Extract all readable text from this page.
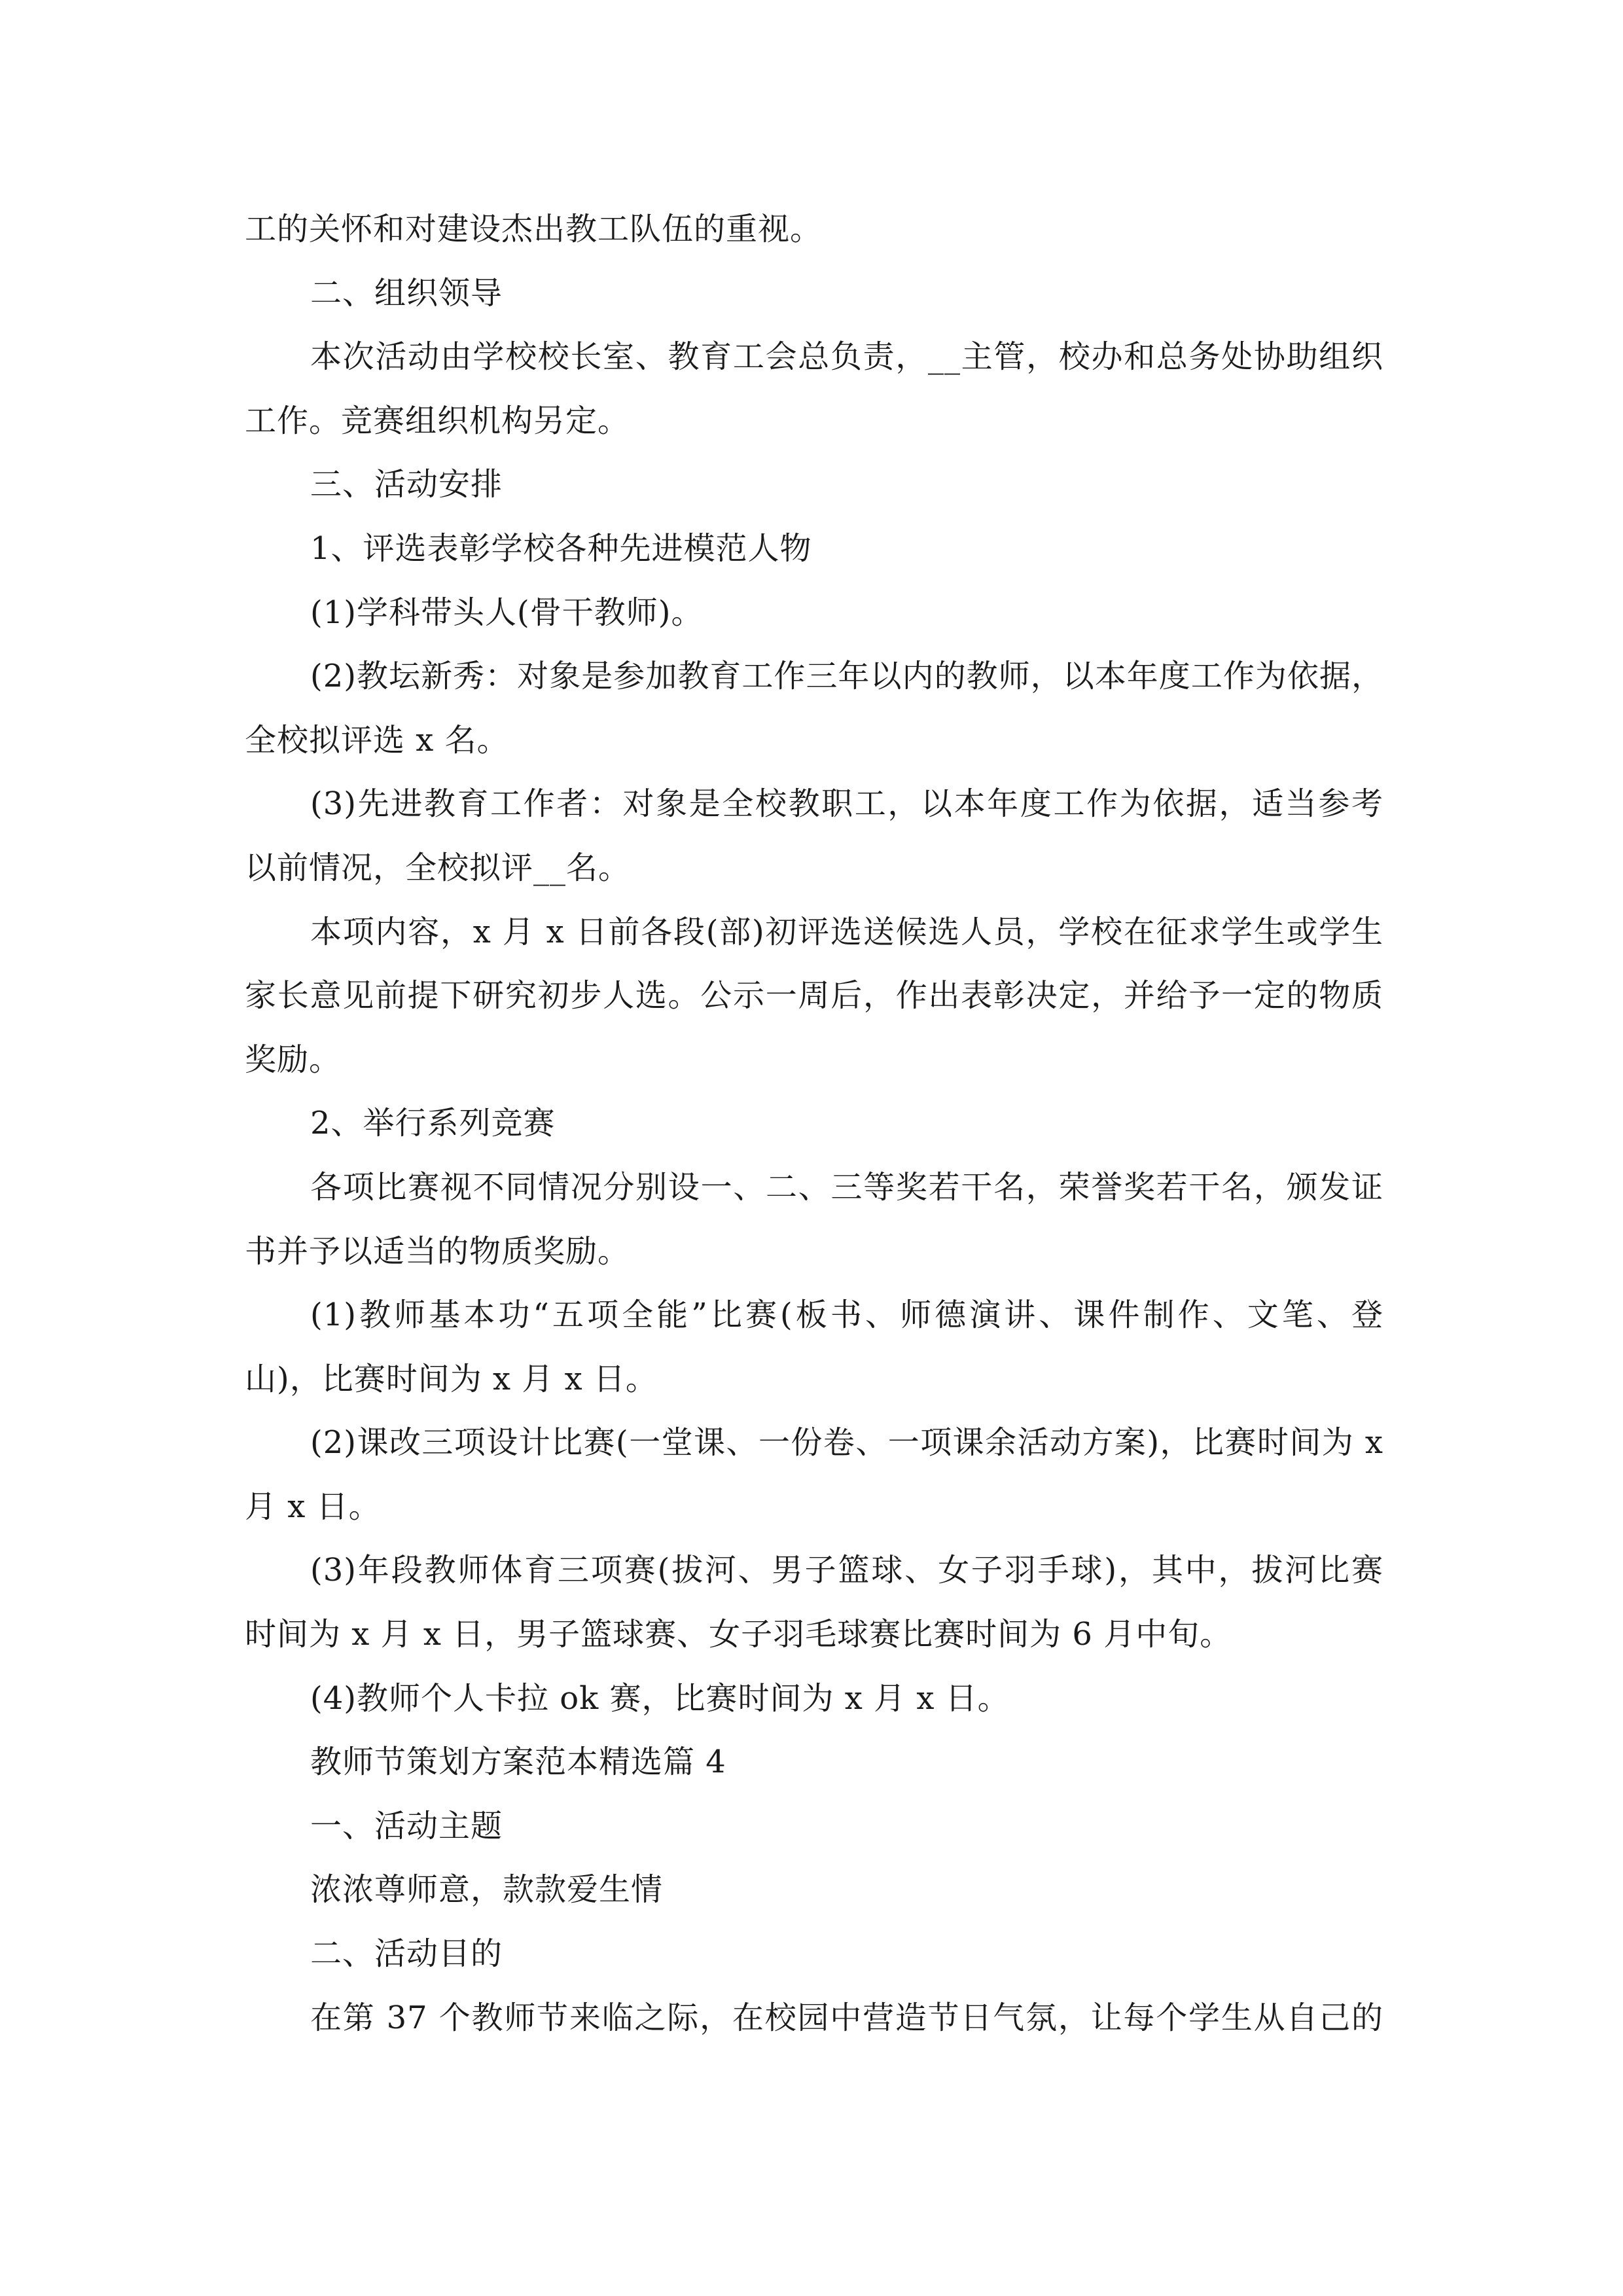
工的关怀和对建设杰出教工队伍的重视。
二、组织领导
本次活动由学校校长室、教育工会总负责，__主管，校办和总务处协助组织
工作。竞赛组织机构另定。
三、活动安排
1、评选表彰学校各种先进模范人物
(1)学科带头人(骨干教师)。
(2)教坛新秀：对象是参加教育工作三年以内的教师，以本年度工作为依据，
全校拟评选 x 名。
(3)先进教育工作者：对象是全校教职工，以本年度工作为依据，适当参考
以前情况，全校拟评__名。
本项内容，x 月 x 日前各段(部)初评选送候选人员，学校在征求学生或学生
家长意见前提下研究初步人选。公示一周后，作出表彰决定，并给予一定的物质
奖励。
2、举行系列竞赛
各项比赛视不同情况分别设一、二、三等奖若干名，荣誉奖若干名，颁发证
书并予以适当的物质奖励。
(1)教师基本功“五项全能”比赛(板书、师德演讲、课件制作、文笔、登
山)，比赛时间为 x 月 x 日。
(2)课改三项设计比赛(一堂课、一份卷、一项课余活动方案)，比赛时间为 x
月 x 日。
(3)年段教师体育三项赛(拔河、男子篮球、女子羽手球)，其中，拔河比赛
时间为 x 月 x 日，男子篮球赛、女子羽毛球赛比赛时间为 6 月中旬。
(4)教师个人卡拉 ok 赛，比赛时间为 x 月 x 日。
教师节策划方案范本精选篇 4
一、活动主题
浓浓尊师意，款款爱生情
二、活动目的
在第 37 个教师节来临之际，在校园中营造节日气氛，让每个学生从自己的
